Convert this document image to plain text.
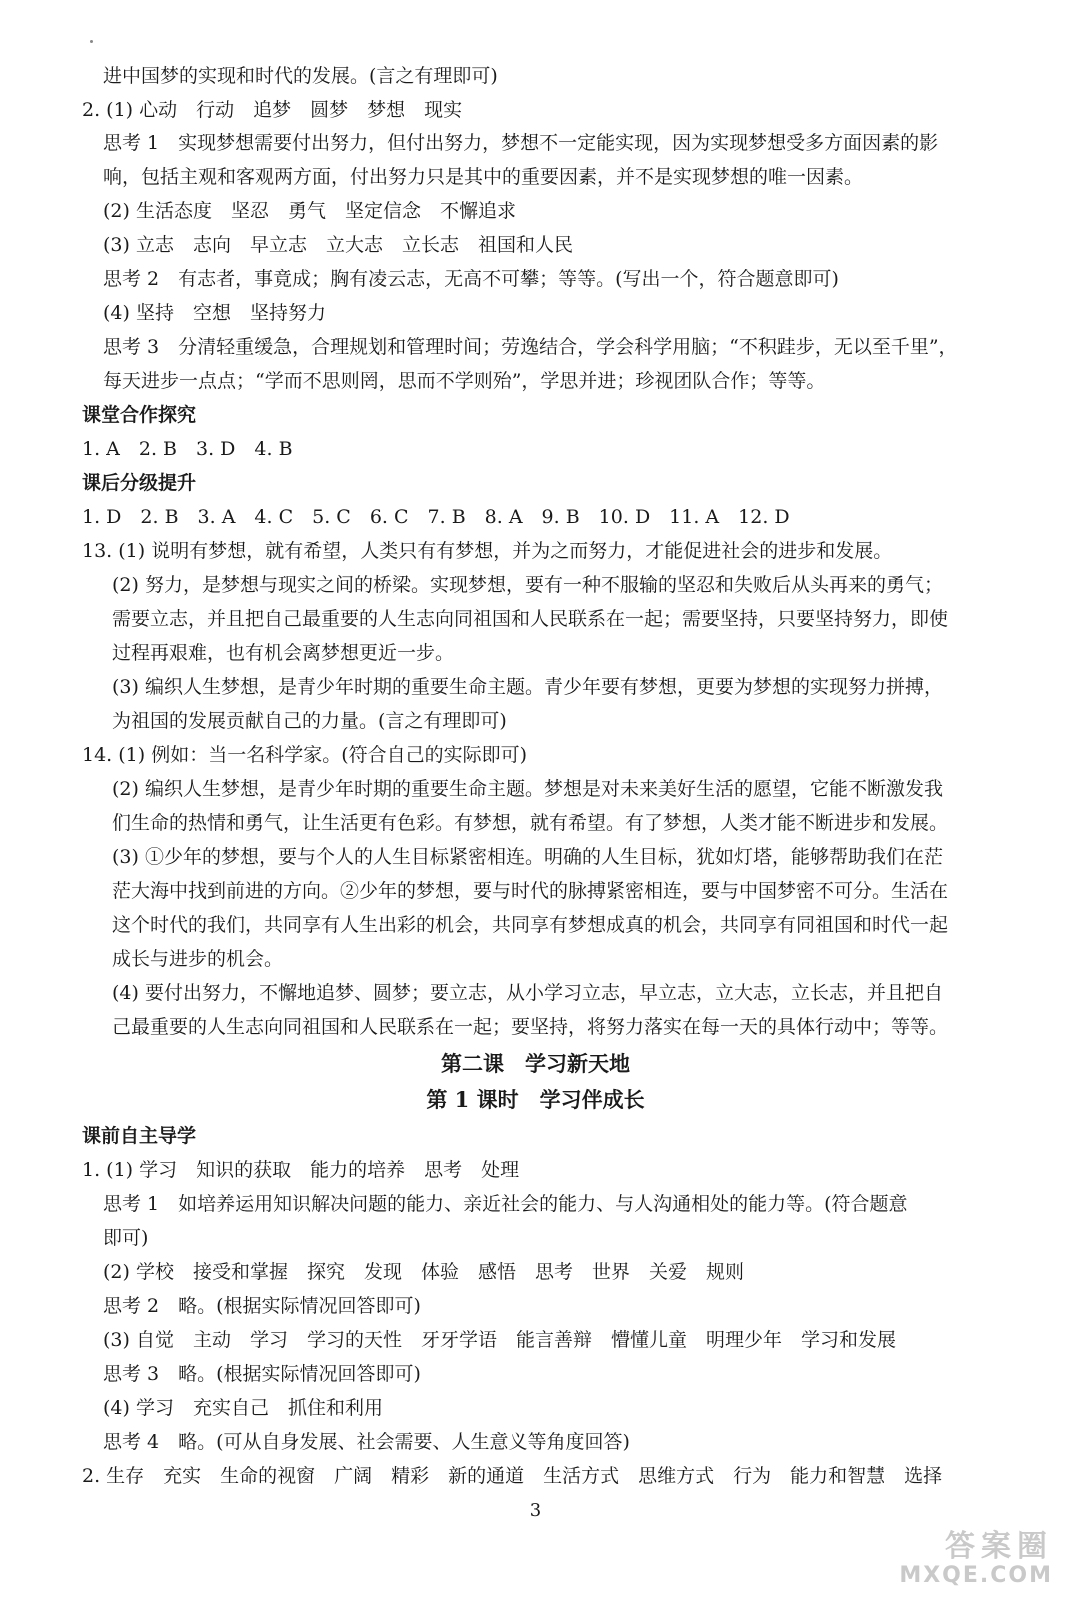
进中国梦的实现和时代的发展。(言之有理即可)
2. (1) 心动　行动　追梦　圆梦　梦想　现实
思考 1　实现梦想需要付出努力，但付出努力，梦想不一定能实现，因为实现梦想受多方面因素的影
响，包括主观和客观两方面，付出努力只是其中的重要因素，并不是实现梦想的唯一因素。
(2) 生活态度　坚忍　勇气　坚定信念　不懈追求
(3) 立志　志向　早立志　立大志　立长志　祖国和人民
思考 2　有志者，事竟成；胸有凌云志，无高不可攀；等等。(写出一个，符合题意即可)
(4) 坚持　空想　坚持努力
思考 3　分清轻重缓急，合理规划和管理时间；劳逸结合，学会科学用脑；“不积跬步，无以至千里”，
每天进步一点点；“学而不思则罔，思而不学则殆”，学思并进；珍视团队合作；等等。
课堂合作探究
1. A　2. B　3. D　4. B
课后分级提升
1. D　2. B　3. A　4. C　5. C　6. C　7. B　8. A　9. B　10. D　11. A　12. D
13. (1) 说明有梦想，就有希望，人类只有有梦想，并为之而努力，才能促进社会的进步和发展。
(2) 努力，是梦想与现实之间的桥梁。实现梦想，要有一种不服输的坚忍和失败后从头再来的勇气；
需要立志，并且把自己最重要的人生志向同祖国和人民联系在一起；需要坚持，只要坚持努力，即使
过程再艰难，也有机会离梦想更近一步。
(3) 编织人生梦想，是青少年时期的重要生命主题。青少年要有梦想，更要为梦想的实现努力拼搏，
为祖国的发展贡献自己的力量。(言之有理即可)
14. (1) 例如：当一名科学家。(符合自己的实际即可)
(2) 编织人生梦想，是青少年时期的重要生命主题。梦想是对未来美好生活的愿望，它能不断激发我
们生命的热情和勇气，让生活更有色彩。有梦想，就有希望。有了梦想，人类才能不断进步和发展。
(3) ①少年的梦想，要与个人的人生目标紧密相连。明确的人生目标，犹如灯塔，能够帮助我们在茫
茫大海中找到前进的方向。②少年的梦想，要与时代的脉搏紧密相连，要与中国梦密不可分。生活在
这个时代的我们，共同享有人生出彩的机会，共同享有梦想成真的机会，共同享有同祖国和时代一起
成长与进步的机会。
(4) 要付出努力，不懈地追梦、圆梦；要立志，从小学习立志，早立志，立大志，立长志，并且把自
己最重要的人生志向同祖国和人民联系在一起；要坚持，将努力落实在每一天的具体行动中；等等。
第二课　学习新天地
第 1 课时　学习伴成长
课前自主导学
1. (1) 学习　知识的获取　能力的培养　思考　处理
思考 1　如培养运用知识解决问题的能力、亲近社会的能力、与人沟通相处的能力等。(符合题意
即可)
(2) 学校　接受和掌握　探究　发现　体验　感悟　思考　世界　关爱　规则
思考 2　略。(根据实际情况回答即可)
(3) 自觉　主动　学习　学习的天性　牙牙学语　能言善辩　懵懂儿童　明理少年　学习和发展
思考 3　略。(根据实际情况回答即可)
(4) 学习　充实自己　抓住和利用
思考 4　略。(可从自身发展、社会需要、人生意义等角度回答)
2. 生存　充实　生命的视窗　广阔　精彩　新的通道　生活方式　思维方式　行为　能力和智慧　选择
3
答案圈
MXQE.COM
